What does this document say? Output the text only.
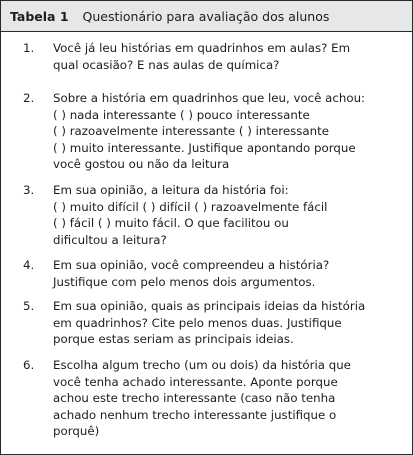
Tabela 1 Questionário para avaliação dos alunos
1. Você já leu histórias em quadrinhos em aulas? Em
qual ocasião? E nas aulas de química?
2. Sobre a história em quadrinhos que leu, você achou:
( ) nada interessante ( ) pouco interessante
( ) razoavelmente interessante ( ) interessante
( ) muito interessante. Justifique apontando porque
você gostou ou não da leitura
3. Em sua opinião, a leitura da história foi:
( ) muito difícil ( ) difícil ( ) razoavelmente fácil
( ) fácil ( ) muito fácil. O que facilitou ou
dificultou a leitura?
4. Em sua opinião, você compreendeu a história?
Justifique com pelo menos dois argumentos.
5. Em sua opinião, quais as principais ideias da história
em quadrinhos? Cite pelo menos duas. Justifique
porque estas seriam as principais ideias.
6. Escolha algum trecho (um ou dois) da história que
você tenha achado interessante. Aponte porque
achou este trecho interessante (caso não tenha
achado nenhum trecho interessante justifique o
porquê)
